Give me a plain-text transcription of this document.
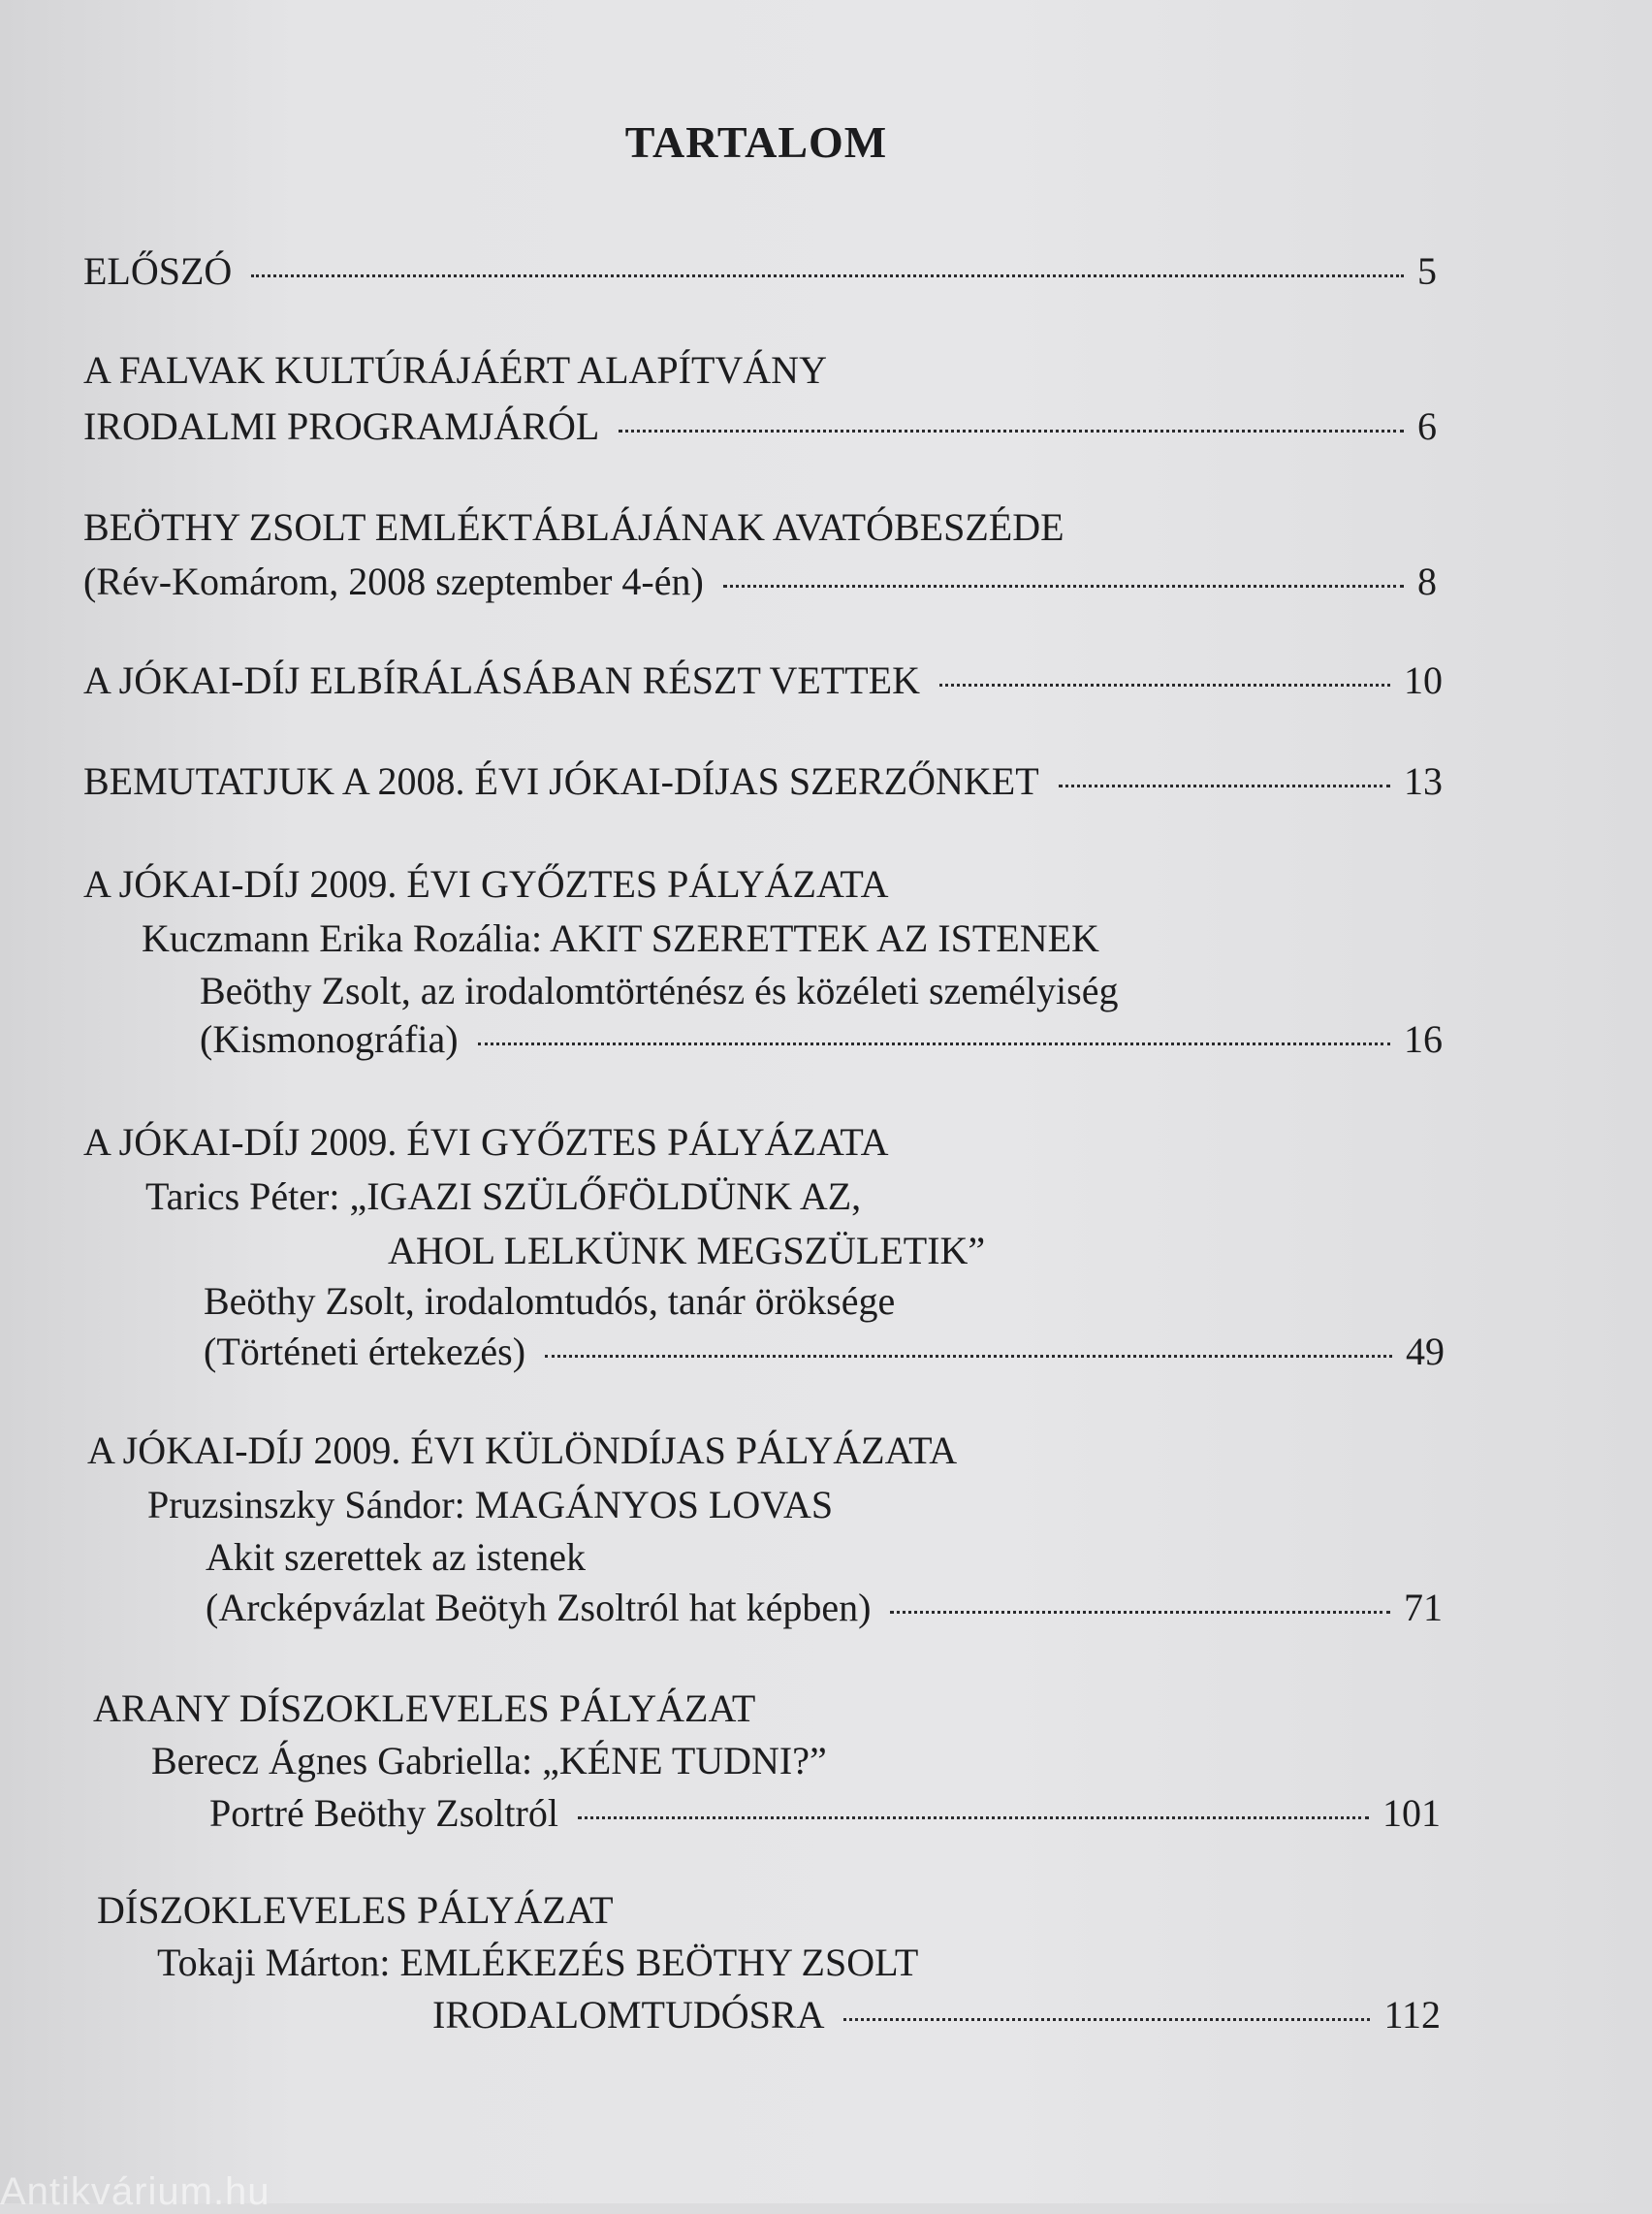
TARTALOM
ELŐSZÓ	5
A FALVAK KULTÚRÁJÁÉRT ALAPÍTVÁNY
IRODALMI PROGRAMJÁRÓL	6
BEÖTHY ZSOLT EMLÉKTÁBLÁJÁNAK AVATÓBESZÉDE
(Rév-Komárom, 2008 szeptember 4-én)	8
A JÓKAI-DÍJ ELBÍRÁLÁSÁBAN RÉSZT VETTEK	10
BEMUTATJUK A 2008. ÉVI JÓKAI-DÍJAS SZERZŐNKET	13
A JÓKAI-DÍJ 2009. ÉVI GYŐZTES PÁLYÁZATA
Kuczmann Erika Rozália: AKIT SZERETTEK AZ ISTENEK
Beöthy Zsolt, az irodalomtörténész és közéleti személyiség
(Kismonográfia)	16
A JÓKAI-DÍJ 2009. ÉVI GYŐZTES PÁLYÁZATA
Tarics Péter: „IGAZI SZÜLŐFÖLDÜNK AZ,
AHOL LELKÜNK MEGSZÜLETIK”
Beöthy Zsolt, irodalomtudós, tanár öröksége
(Történeti értekezés)	49
A JÓKAI-DÍJ 2009. ÉVI KÜLÖNDÍJAS PÁLYÁZATA
Pruzsinszky Sándor: MAGÁNYOS LOVAS
Akit szerettek az istenek
(Arcképvázlat Beötyh Zsoltról hat képben)	71
ARANY DÍSZOKLEVELES PÁLYÁZAT
Berecz Ágnes Gabriella: „KÉNE TUDNI?”
Portré Beöthy Zsoltról	101
DÍSZOKLEVELES PÁLYÁZAT
Tokaji Márton: EMLÉKEZÉS BEÖTHY ZSOLT
IRODALOMTUDÓSRA	112
Antikvárium.hu
